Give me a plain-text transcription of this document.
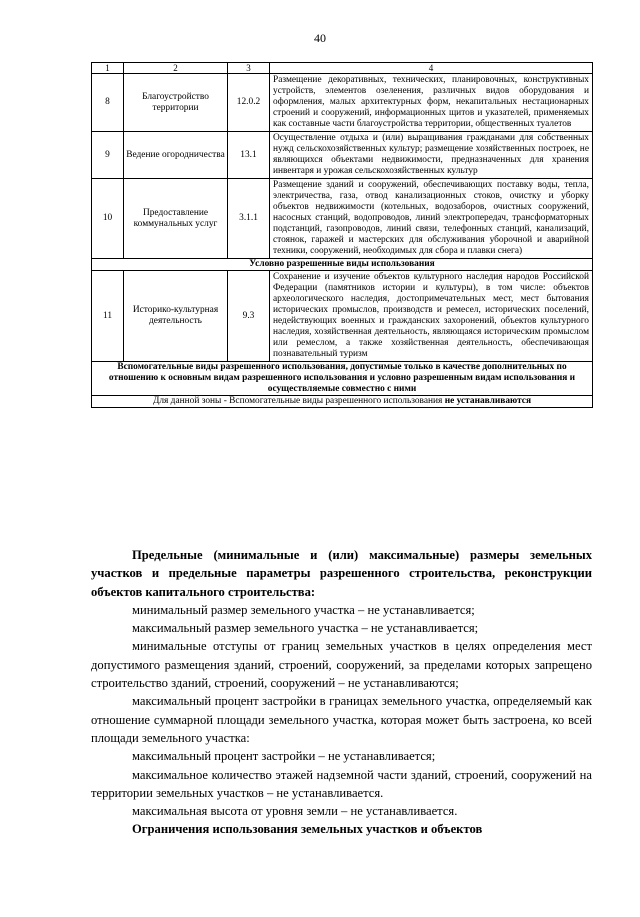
40
1	2	3	4
8	Благоустройство территории	12.0.2	Размещение декоративных, технических, планировочных, конструктивных устройств, элементов озеленения, различных видов оборудования и оформления, малых архитектурных форм, некапитальных нестационарных строений и сооружений, информационных щитов и указателей, применяемых как составные части благоустройства территории, общественных туалетов
9	Ведение огородничества	13.1	Осуществление отдыха и (или) выращивания гражданами для собственных нужд сельскохозяйственных культур; размещение хозяйственных построек, не являющихся объектами недвижимости, предназначенных для хранения инвентаря и урожая сельскохозяйственных культур
10	Предоставление коммунальных услуг	3.1.1	Размещение зданий и сооружений, обеспечивающих поставку воды, тепла, электричества, газа, отвод канализационных стоков, очистку и уборку объектов недвижимости (котельных, водозаборов, очистных сооружений, насосных станций, водопроводов, линий электропередач, трансформаторных подстанций, газопроводов, линий связи, телефонных станций, канализаций, стоянок, гаражей и мастерских для обслуживания уборочной и аварийной техники, сооружений, необходимых для сбора и плавки снега)
Условно разрешенные виды использования			
11	Историко-культурная деятельность	9.3	Сохранение и изучение объектов культурного наследия народов Российской Федерации (памятников истории и культуры), в том числе: объектов археологического наследия, достопримечательных мест, мест бытования исторических промыслов, производств и ремесел, исторических поселений, недействующих военных и гражданских захоронений, объектов культурного наследия, хозяйственная деятельность, являющаяся историческим промыслом или ремеслом, а также хозяйственная деятельность, обеспечивающая познавательный туризм
Вспомогательные виды разрешенного использования, допустимые только в качестве дополнительных по отношению к основным видам разрешенного использования и условно разрешенным видам использования и осуществляемые совместно с ними			
Для данной зоны - Вспомогательные виды разрешенного использования не устанавливаются			

Предельные (минимальные и (или) максимальные) размеры земельных участков и предельные параметры разрешенного строительства, реконструкции объектов капитального строительства:

минимальный размер земельного участка – не устанавливается;

максимальный размер земельного участка – не устанавливается;

минимальные отступы от границ земельных участков в целях определения мест допустимого размещения зданий, строений, сооружений, за пределами которых запрещено строительство зданий, строений, сооружений – не устанавливаются;

максимальный процент застройки в границах земельного участка, определяемый как отношение суммарной площади земельного участка, которая может быть застроена, ко всей площади земельного участка:

максимальный процент застройки – не устанавливается;

максимальное количество этажей надземной части зданий, строений, сооружений на территории земельных участков – не устанавливается.

максимальная высота от уровня земли – не устанавливается.

Ограничения использования земельных участков и объектов
